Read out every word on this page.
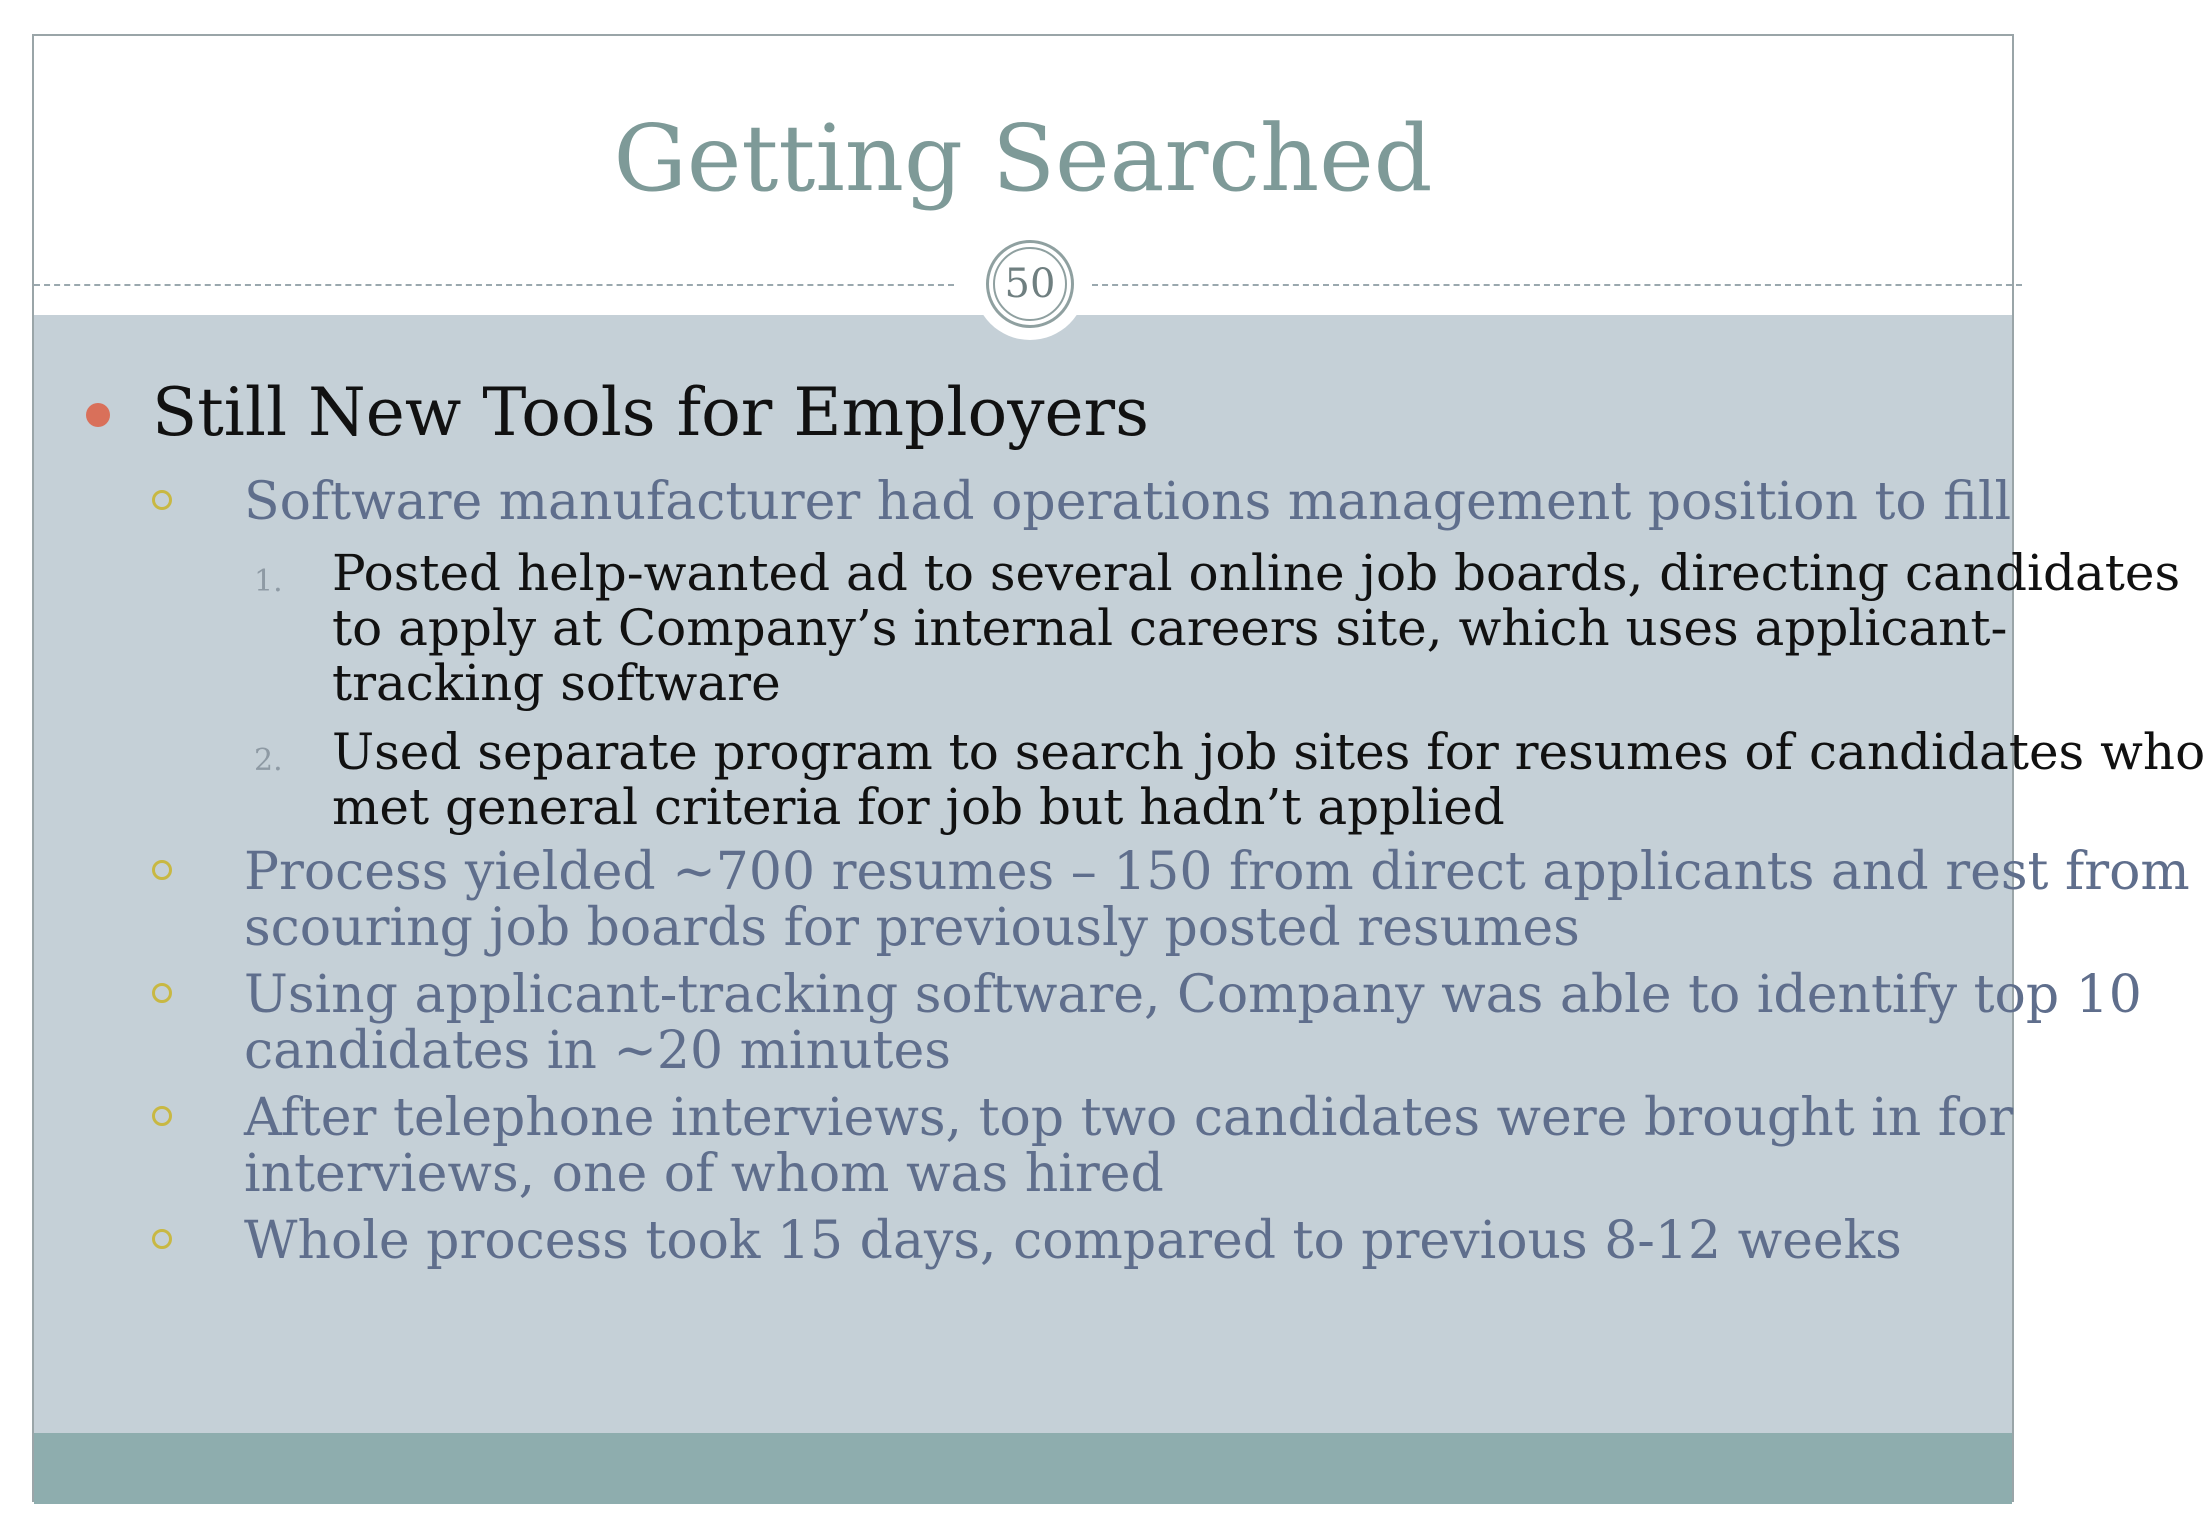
Getting Searched
50
Still New Tools for Employers
Software manufacturer had operations management position to fill
1. Posted help-wanted ad to several online job boards, directing candidates
to apply at Company’s internal careers site, which uses applicant-
tracking software
2. Used separate program to search job sites for resumes of candidates who
met general criteria for job but hadn’t applied
Process yielded ~700 resumes – 150 from direct applicants and rest from
scouring job boards for previously posted resumes
Using applicant-tracking software, Company was able to identify top 10
candidates in ~20 minutes
After telephone interviews, top two candidates were brought in for
interviews, one of whom was hired
Whole process took 15 days, compared to previous 8-12 weeks
